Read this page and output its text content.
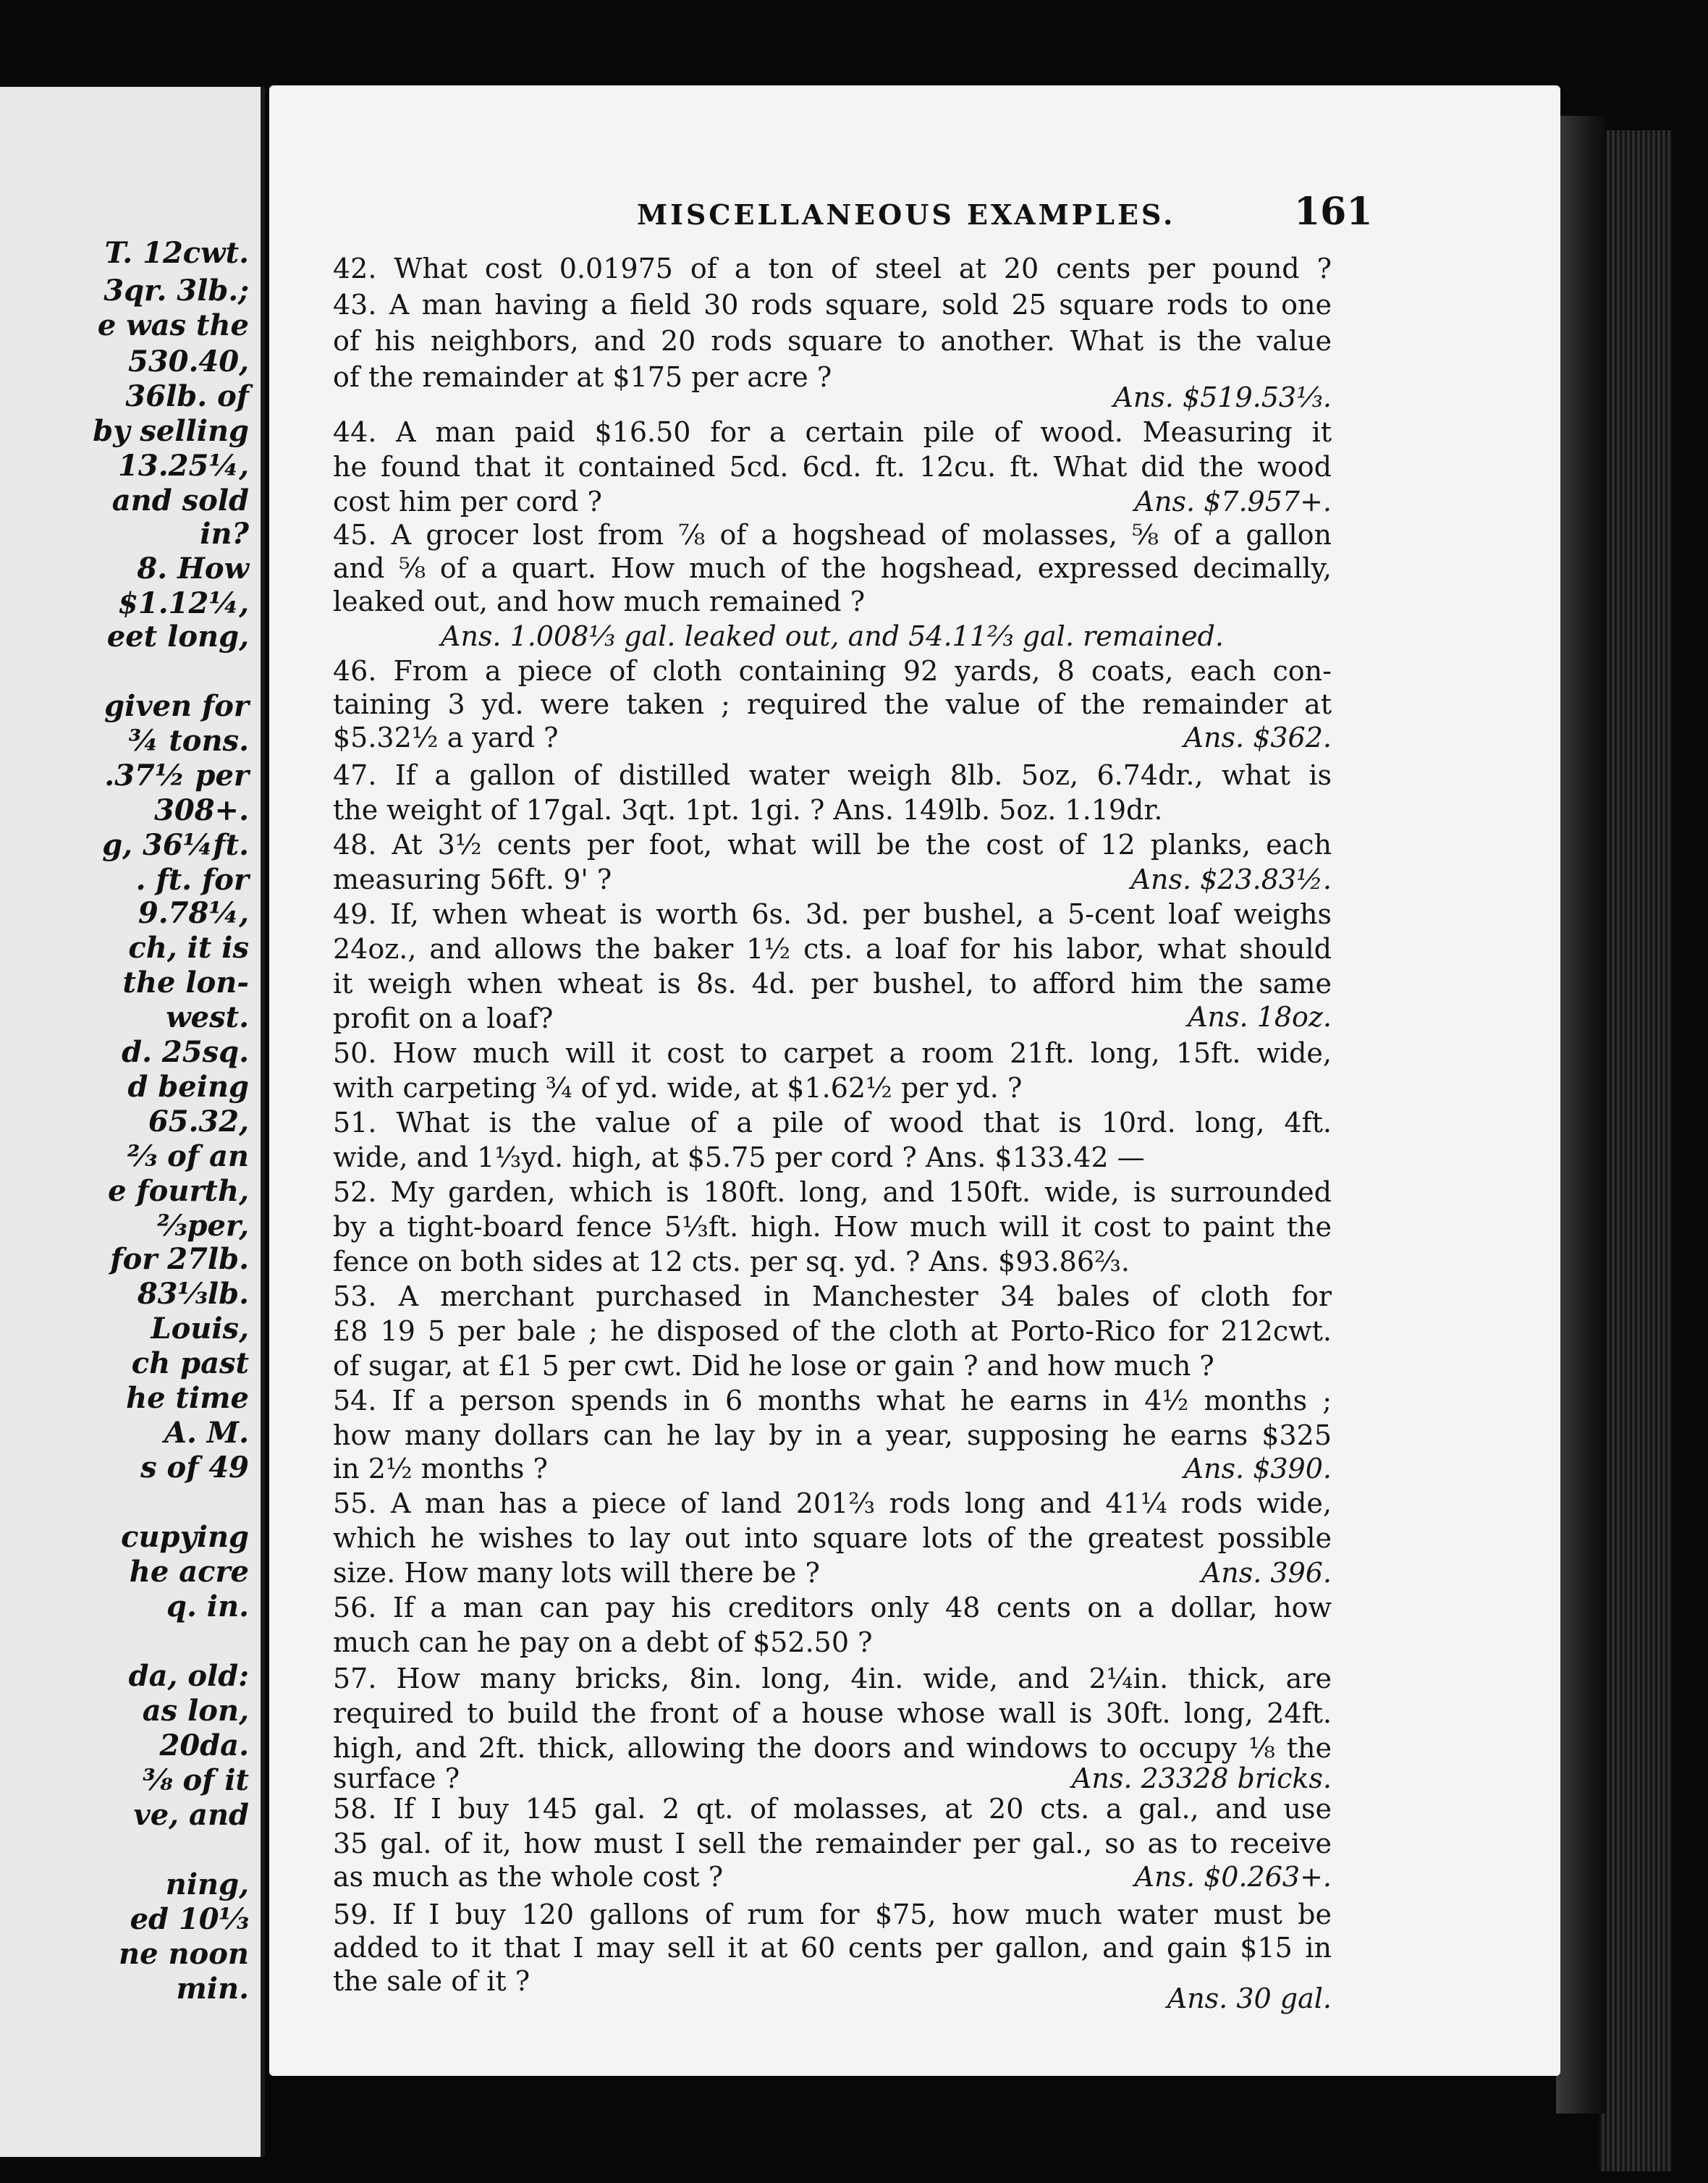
T. 12cwt.
3qr. 3lb.;
e was the
530.40,
36lb. of
by selling
13.25¼,
and sold
in?
8. How
$1.12¼,
eet long,
given for
¾ tons.
.37½ per
308+.
g, 36¼ft.
. ft. for
9.78¼,
ch, it is
the lon-
west.
d. 25sq.
d being
65.32,
⅔ of an
e fourth,
⅔per,
for 27lb.
83⅓lb.
Louis,
ch past
he time
A. M.
s of 49
cupying
he acre
q. in.
da, old:
as lon,
20da.
⅜ of it
ve, and
ning,
ed 10⅓
ne noon
min.
MISCELLANEOUS EXAMPLES.	161
42. What cost 0.01975 of a ton of steel at 20 cents per pound ?
43. A man having a field 30 rods square, sold 25 square rods to one
of his neighbors, and 20 rods square to another. What is the value
of the remainder at $175 per acre ?
Ans. $519.53⅓.
44. A man paid $16.50 for a certain pile of wood. Measuring it
he found that it contained 5cd. 6cd. ft. 12cu. ft. What did the wood
cost him per cord ?	Ans. $7.957+.
45. A grocer lost from ⅞ of a hogshead of molasses, ⅝ of a gallon
and ⅝ of a quart. How much of the hogshead, expressed decimally,
leaked out, and how much remained ?
Ans. 1.008⅓ gal. leaked out, and 54.11⅔ gal. remained.
46. From a piece of cloth containing 92 yards, 8 coats, each con-
taining 3 yd. were taken ; required the value of the remainder at
$5.32½ a yard ?	Ans. $362.
47. If a gallon of distilled water weigh 8lb. 5oz, 6.74dr., what is
the weight of 17gal. 3qt. 1pt. 1gi. ? Ans. 149lb. 5oz. 1.19dr.
48. At 3½ cents per foot, what will be the cost of 12 planks, each
measuring 56ft. 9' ?	Ans. $23.83½.
49. If, when wheat is worth 6s. 3d. per bushel, a 5-cent loaf weighs
24oz., and allows the baker 1½ cts. a loaf for his labor, what should
it weigh when wheat is 8s. 4d. per bushel, to afford him the same
profit on a loaf?	Ans. 18oz.
50. How much will it cost to carpet a room 21ft. long, 15ft. wide,
with carpeting ¾ of yd. wide, at $1.62½ per yd. ?
51. What is the value of a pile of wood that is 10rd. long, 4ft.
wide, and 1⅓yd. high, at $5.75 per cord ? Ans. $133.42 —
52. My garden, which is 180ft. long, and 150ft. wide, is surrounded
by a tight-board fence 5⅓ft. high. How much will it cost to paint the
fence on both sides at 12 cts. per sq. yd. ? Ans. $93.86⅔.
53. A merchant purchased in Manchester 34 bales of cloth for
£8 19 5 per bale ; he disposed of the cloth at Porto-Rico for 212cwt.
of sugar, at £1 5 per cwt. Did he lose or gain ? and how much ?
54. If a person spends in 6 months what he earns in 4½ months ;
how many dollars can he lay by in a year, supposing he earns $325
in 2½ months ?	Ans. $390.
55. A man has a piece of land 201⅔ rods long and 41¼ rods wide,
which he wishes to lay out into square lots of the greatest possible
size. How many lots will there be ?	Ans. 396.
56. If a man can pay his creditors only 48 cents on a dollar, how
much can he pay on a debt of $52.50 ?
57. How many bricks, 8in. long, 4in. wide, and 2¼in. thick, are
required to build the front of a house whose wall is 30ft. long, 24ft.
high, and 2ft. thick, allowing the doors and windows to occupy ⅛ the
surface ?	Ans. 23328 bricks.
58. If I buy 145 gal. 2 qt. of molasses, at 20 cts. a gal., and use
35 gal. of it, how must I sell the remainder per gal., so as to receive
as much as the whole cost ?	Ans. $0.263+.
59. If I buy 120 gallons of rum for $75, how much water must be
added to it that I may sell it at 60 cents per gallon, and gain $15 in
the sale of it ?
Ans. 30 gal.
